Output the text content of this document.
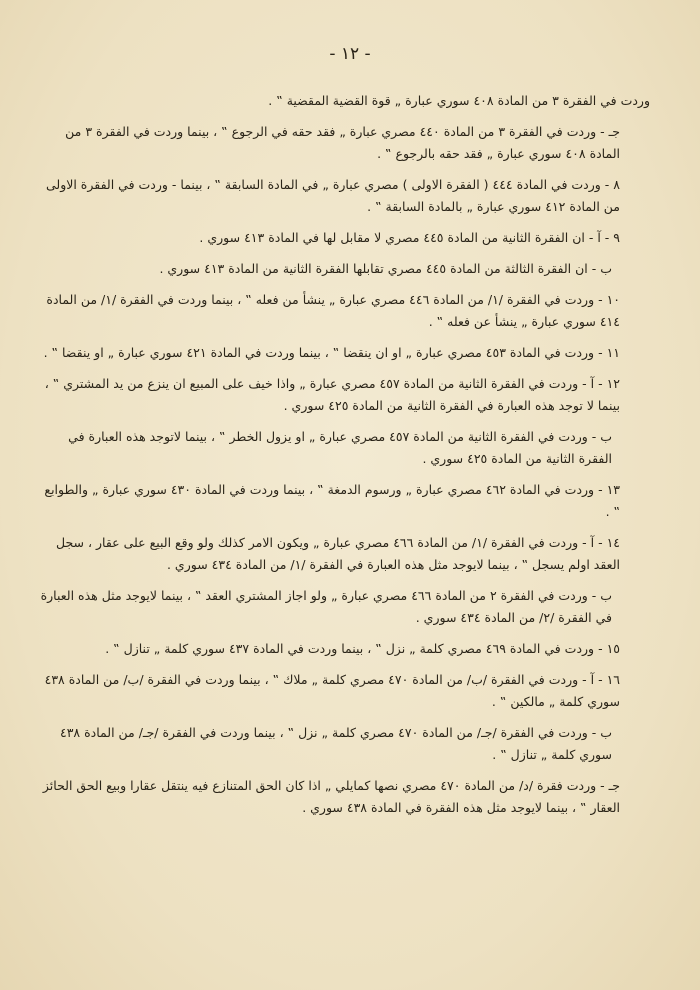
- ١٢ -

وردت في الفقرة ٣ من المادة ٤٠٨ سوري عبارة „ قوة القضية المقضية ‟ .

جـ - وردت في الفقرة ٣ من المادة ٤٤٠ مصري عبارة „ فقد حقه في الرجوع ‟ ، بينما وردت في الفقرة ٣ من المادة ٤٠٨ سوري عبارة „ فقد حقه بالرجوع ‟ .

٨ - وردت في المادة ٤٤٤ ( الفقرة الاولى ) مصري عبارة „ في المادة السابقة ‟ ، بينما - وردت في الفقرة الاولى من المادة ٤١٢ سوري عبارة „ بالمادة السابقة ‟ .

٩ - آ - ان الفقرة الثانية من المادة ٤٤٥ مصري لا مقابل لها في المادة ٤١٣ سوري .

ب - ان الفقرة الثالثة من المادة ٤٤٥ مصري تقابلها الفقرة الثانية من المادة ٤١٣ سوري .

١٠ - وردت في الفقرة /١/ من المادة ٤٤٦ مصري عبارة „ ينشأ من فعله ‟ ، بينما وردت في الفقرة /١/ من المادة ٤١٤ سوري عبارة „ ينشأ عن فعله ‟ .

١١ - وردت في المادة ٤٥٣ مصري عبارة „ او ان ينقضا ‟ ، بينما وردت في المادة ٤٢١ سوري عبارة „ او ينقضا ‟ .

١٢ - آ - وردت في الفقرة الثانية من المادة ٤٥٧ مصري عبارة „ واذا خيف على المبيع ان ينزع من يد المشتري ‟ ، بينما لا توجد هذه العبارة في الفقرة الثانية من المادة ٤٢٥ سوري .

ب - وردت في الفقرة الثانية من المادة ٤٥٧ مصري عبارة „ او يزول الخطر ‟ ، بينما لاتوجد هذه العبارة في الفقرة الثانية من المادة ٤٢٥ سوري .

١٣ - وردت في المادة ٤٦٢ مصري عبارة „ ورسوم الدمغة ‟ ، بينما وردت في المادة ٤٣٠ سوري عبارة „ والطوابع ‟ .

١٤ - آ - وردت في الفقرة /١/ من المادة ٤٦٦ مصري عبارة „ ويكون الامر كذلك ولو وقع البيع على عقار ، سجل العقد اولم يسجل ‟ ، بينما لايوجد مثل هذه العبارة في الفقرة /١/ من المادة ٤٣٤ سوري .

ب - وردت في الفقرة ٢ من المادة ٤٦٦ مصري عبارة „ ولو اجاز المشتري العقد ‟ ، بينما لايوجد مثل هذه العبارة في الفقرة /٢/ من المادة ٤٣٤ سوري .

١٥ - وردت في المادة ٤٦٩ مصري كلمة „ نزل ‟ ، بينما وردت في المادة ٤٣٧ سوري كلمة „ تنازل ‟ .

١٦ - آ - وردت في الفقرة /ب/ من المادة ٤٧٠ مصري كلمة „ ملاك ‟ ، بينما وردت في الفقرة /ب/ من المادة ٤٣٨ سوري كلمة „ مالكين ‟ .

ب - وردت في الفقرة /جـ/ من المادة ٤٧٠ مصري كلمة „ نزل ‟ ، بينما وردت في الفقرة /جـ/ من المادة ٤٣٨ سوري كلمة „ تنازل ‟ .

جـ - وردت فقرة /د/ من المادة ٤٧٠ مصري نصها كمايلي „ اذا كان الحق المتنازع فيه ينتقل عقارا وبيع الحق الحائز العقار ‟ ، بينما لايوجد مثل هذه الفقرة في المادة ٤٣٨ سوري .
